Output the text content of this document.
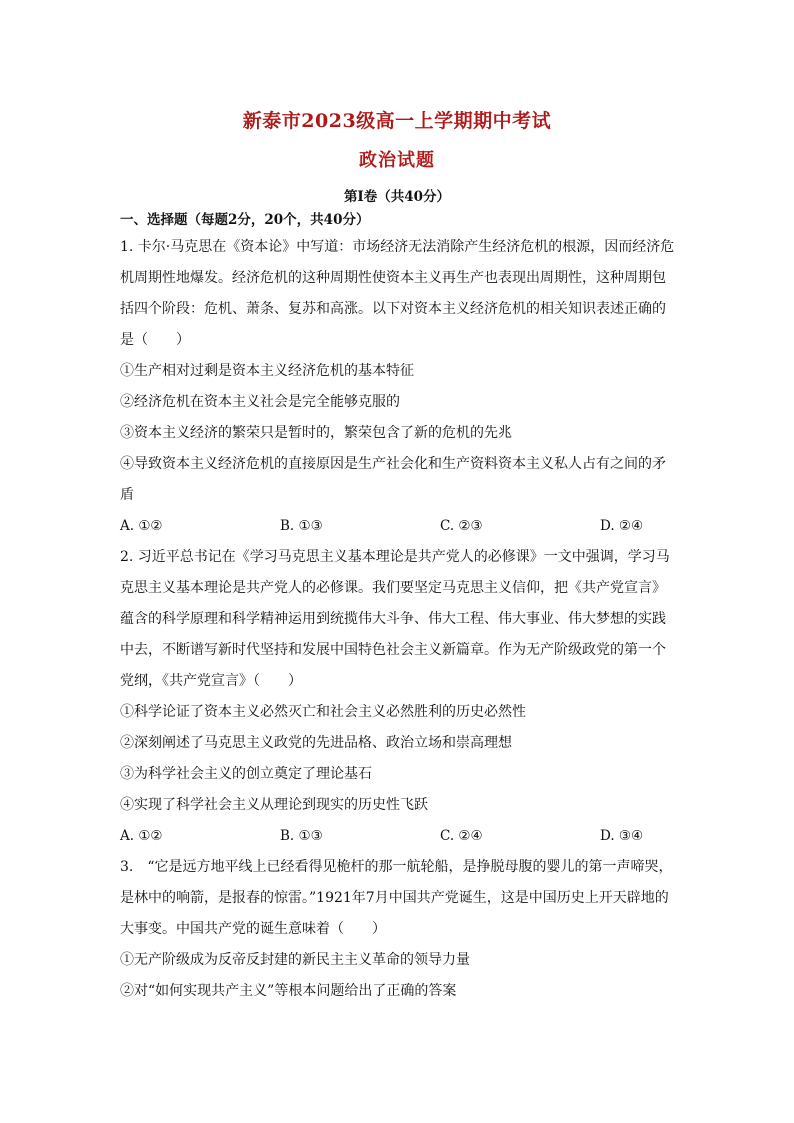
新泰市2023级高一上学期期中考试
政治试题
第Ⅰ卷（共40分）
一、选择题（每题2分，20个，共40分）

1. 卡尔·马克思在《资本论》中写道：市场经济无法消除产生经济危机的根源，因而经济危机周期性地爆发。经济危机的这种周期性使资本主义再生产也表现出周期性，这种周期包括四个阶段：危机、萧条、复苏和高涨。以下对资本主义经济危机的相关知识表述正确的是（　　）

①生产相对过剩是资本主义经济危机的基本特征

②经济危机在资本主义社会是完全能够克服的

③资本主义经济的繁荣只是暂时的，繁荣包含了新的危机的先兆

④导致资本主义经济危机的直接原因是生产社会化和生产资料资本主义私人占有之间的矛盾

A. ①②	B. ①③	C. ②③	D. ②④

2. 习近平总书记在《学习马克思主义基本理论是共产党人的必修课》一文中强调，学习马克思主义基本理论是共产党人的必修课。我们要坚定马克思主义信仰，把《共产党宣言》蕴含的科学原理和科学精神运用到统揽伟大斗争、伟大工程、伟大事业、伟大梦想的实践中去，不断谱写新时代坚持和发展中国特色社会主义新篇章。作为无产阶级政党的第一个党纲，《共产党宣言》（　　）

①科学论证了资本主义必然灭亡和社会主义必然胜利的历史必然性

②深刻阐述了马克思主义政党的先进品格、政治立场和崇高理想

③为科学社会主义的创立奠定了理论基石

④实现了科学社会主义从理论到现实的历史性飞跃

A. ①②	B. ①③	C. ②④	D. ③④

3.　“它是远方地平线上已经看得见桅杆的那一航轮船，是挣脱母腹的婴儿的第一声啼哭，是林中的响箭，是报春的惊雷。”1921年7月中国共产党诞生，这是中国历史上开天辟地的大事变。中国共产党的诞生意味着（　　）

①无产阶级成为反帝反封建的新民主主义革命的领导力量

②对“如何实现共产主义”等根本问题给出了正确的答案
